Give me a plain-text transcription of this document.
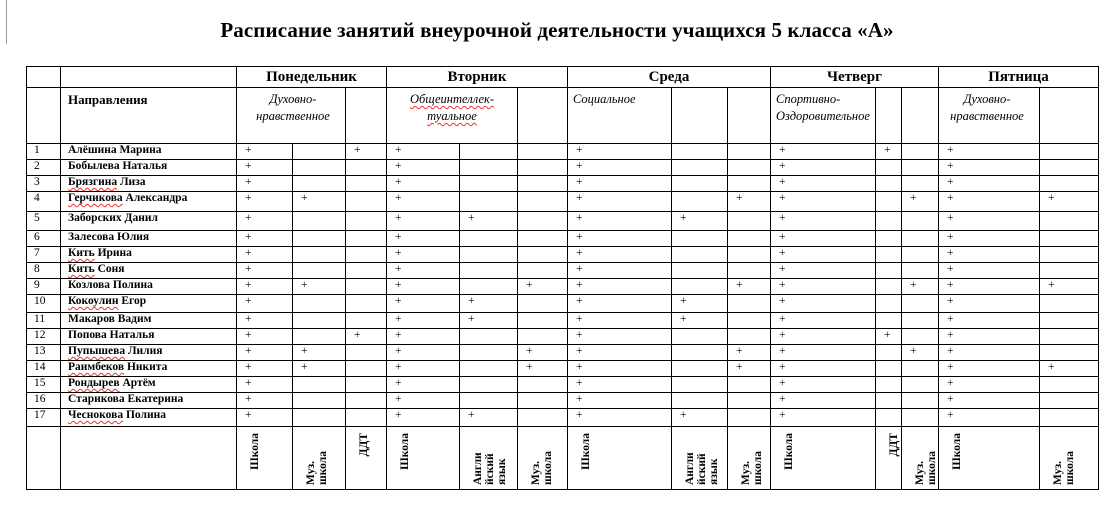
Расписание занятий внеурочной деятельности учащихся 5 класса «А»
		Понедельник			Вторник			Среда			Четверг			Пятница	
	Направления	Духовно-нравственное			Общеинтеллек-туальное			Социальное			Спортивно-Оздоровительное			Духовно-нравственное	
1	Алёшина Марина	+		+	+			+			+	+		+	
2	Бобылева Наталья	+			+			+			+			+	
3	Брязгина Лиза	+			+			+			+			+	
4	Герчикова Александра	+	+		+			+		+	+		+	+	+
5	Заборских Данил	+			+	+		+	+		+			+	
6	Залесова Юлия	+			+			+			+			+	
7	Кить Ирина	+			+			+			+			+	
8	Кить Соня	+			+			+			+			+	
9	Козлова Полина	+	+		+		+	+		+	+		+	+	+
10	Кокоулин Егор	+			+	+		+	+		+			+	
11	Макаров Вадим	+			+	+		+	+		+			+	
12	Попова Наталья	+		+	+			+			+	+		+	
13	Пупышева Лилия	+	+		+		+	+		+	+		+	+	
14	Раимбеков Никита	+	+		+		+	+		+	+			+	+
15	Рондырев Артём	+			+			+			+			+	
16	Старикова Екатерина	+			+			+			+			+	
17	Чеснокова Полина	+			+	+		+	+		+			+	
		Школа	Муз. школа	ДДТ	Школа	Англи йский язык	Муз. школа	Школа	Англи йский язык	Муз. школа	Школа	ДДТ	Муз. школа	Школа	Муз. школа
